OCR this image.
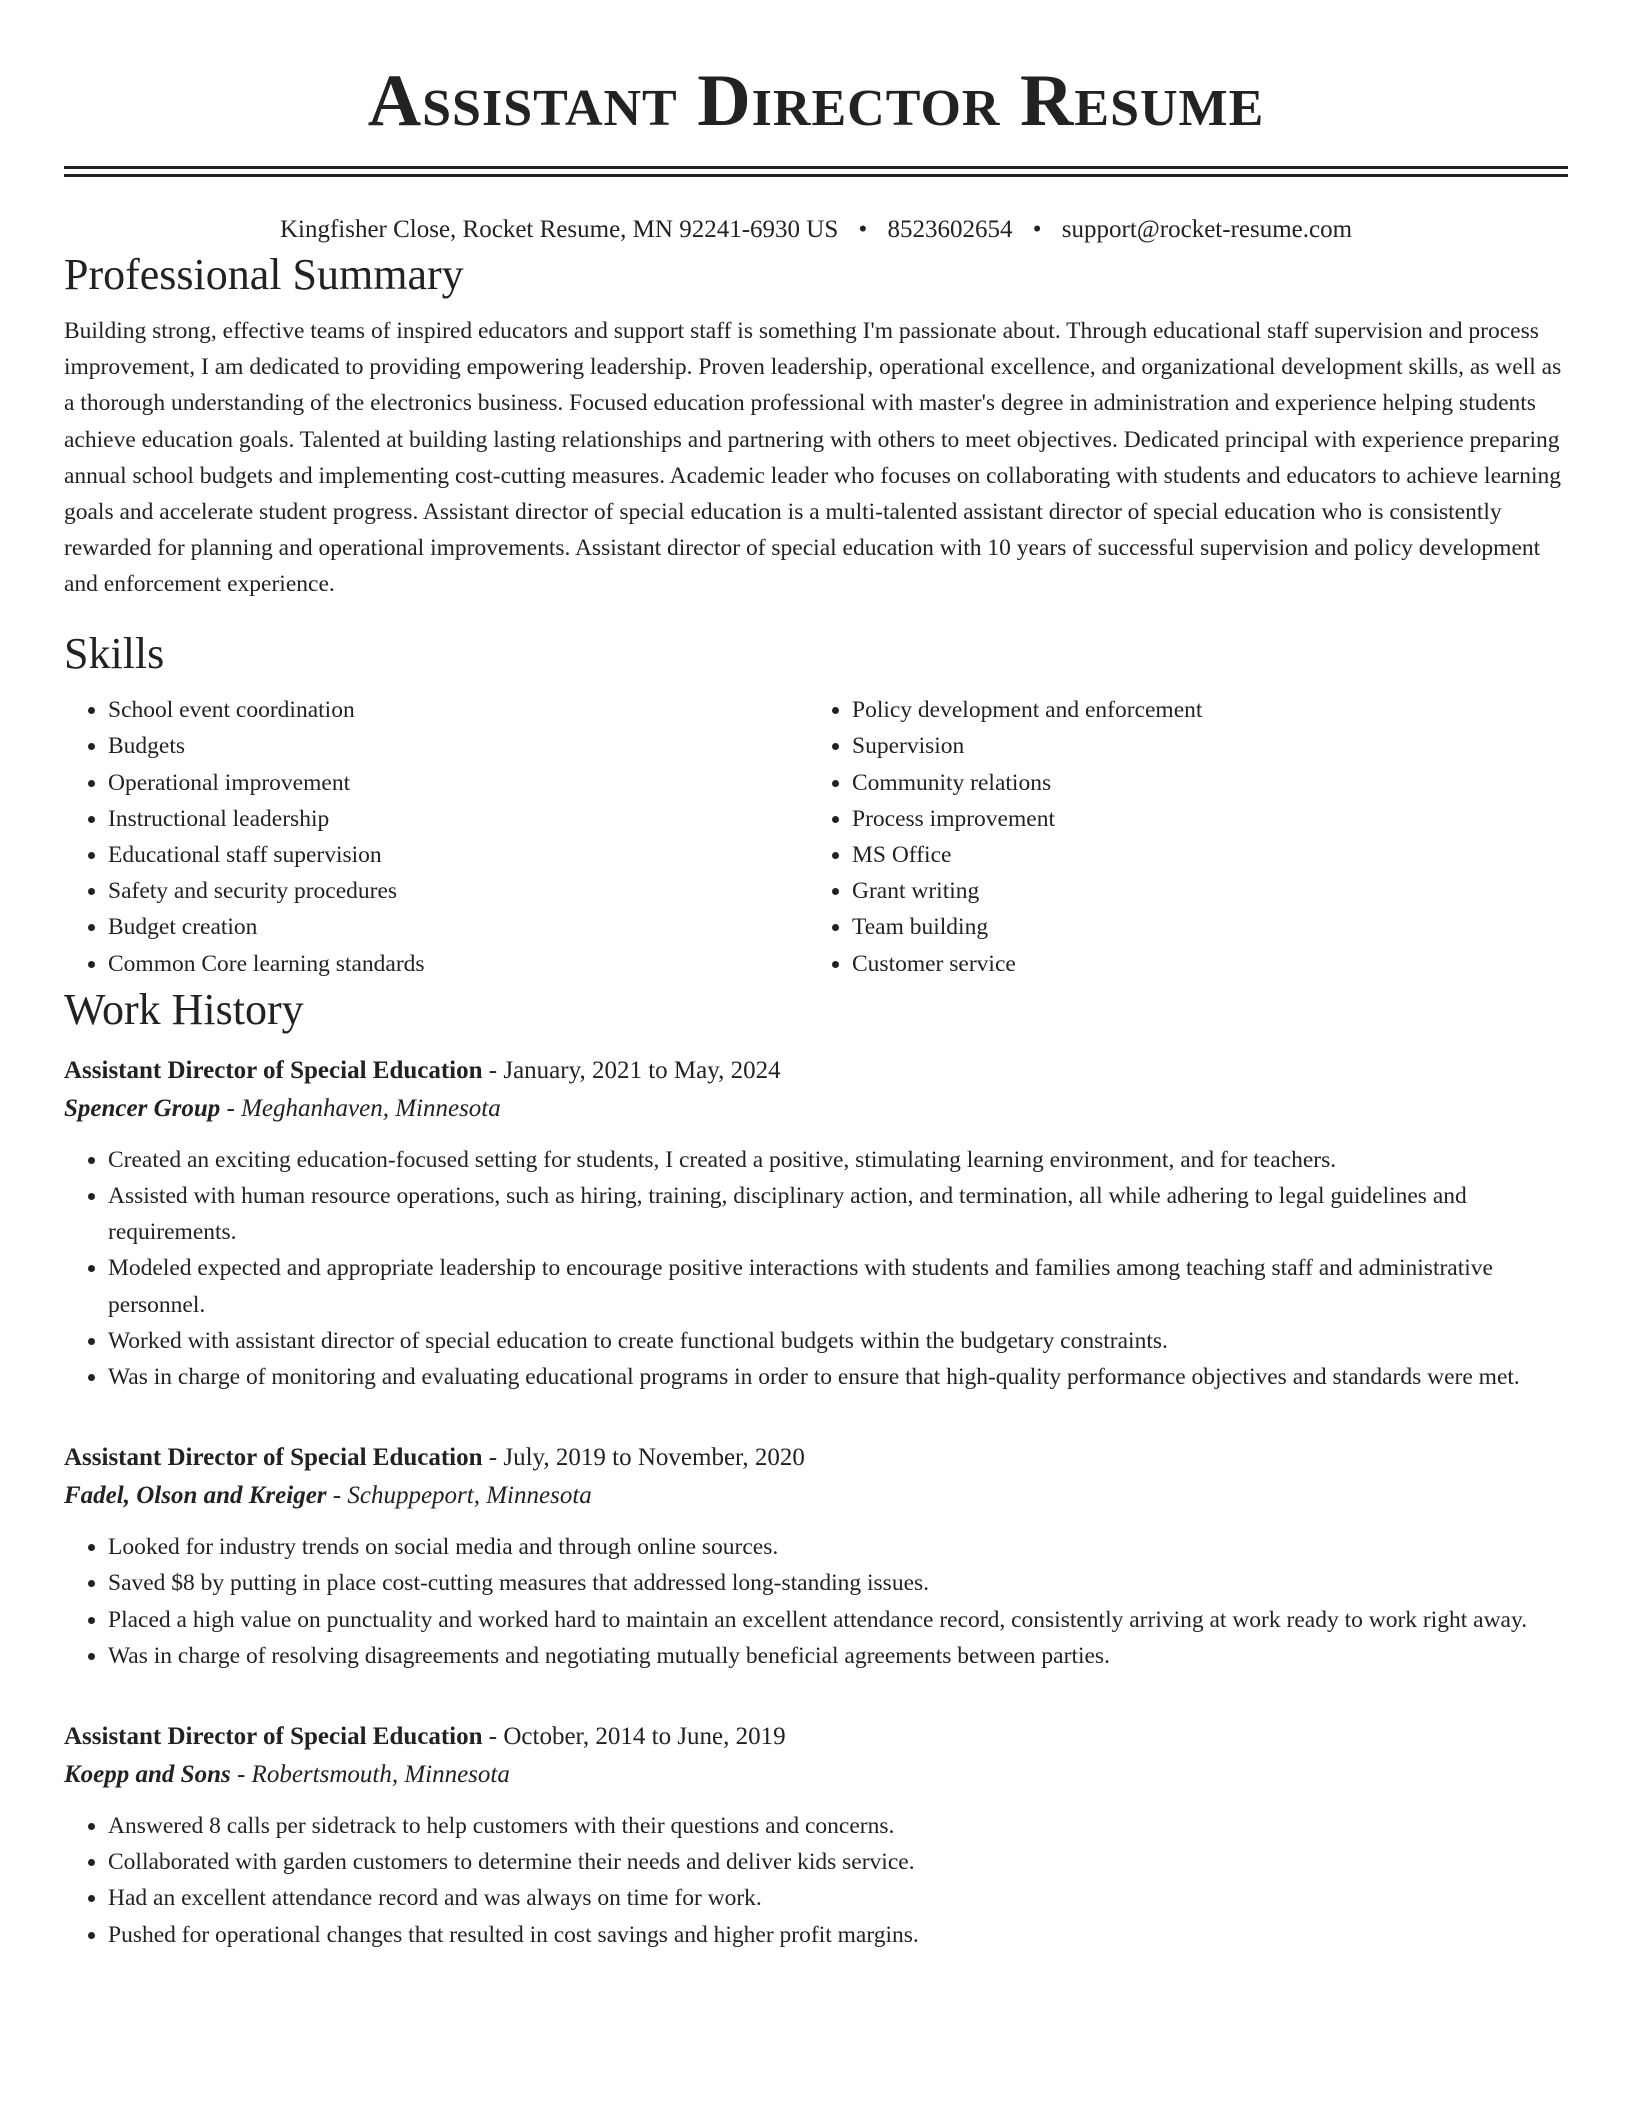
Assistant Director Resume
Kingfisher Close, Rocket Resume, MN 92241-6930 US • 8523602654 • support@rocket-resume.com
Professional Summary

Building strong, effective teams of inspired educators and support staff is something I'm passionate about. Through educational staff supervision and process improvement, I am dedicated to providing empowering leadership. Proven leadership, operational excellence, and organizational development skills, as well as a thorough understanding of the electronics business. Focused education professional with master's degree in administration and experience helping students achieve education goals. Talented at building lasting relationships and partnering with others to meet objectives. Dedicated principal with experience preparing annual school budgets and implementing cost-cutting measures. Academic leader who focuses on collaborating with students and educators to achieve learning goals and accelerate student progress. Assistant director of special education is a multi-talented assistant director of special education who is consistently rewarded for planning and operational improvements. Assistant director of special education with 10 years of successful supervision and policy development and enforcement experience.

Skills
• School event coordination
• Budgets
• Operational improvement
• Instructional leadership
• Educational staff supervision
• Safety and security procedures
• Budget creation
• Common Core learning standards
• Policy development and enforcement
• Supervision
• Community relations
• Process improvement
• MS Office
• Grant writing
• Team building
• Customer service
Work History
Assistant Director of Special Education - January, 2021 to May, 2024
Spencer Group - Meghanhaven, Minnesota
• Created an exciting education-focused setting for students, I created a positive, stimulating learning environment, and for teachers.
• Assisted with human resource operations, such as hiring, training, disciplinary action, and termination, all while adhering to legal guidelines and requirements.
• Modeled expected and appropriate leadership to encourage positive interactions with students and families among teaching staff and administrative personnel.
• Worked with assistant director of special education to create functional budgets within the budgetary constraints.
• Was in charge of monitoring and evaluating educational programs in order to ensure that high-quality performance objectives and standards were met.
Assistant Director of Special Education - July, 2019 to November, 2020
Fadel, Olson and Kreiger - Schuppeport, Minnesota
• Looked for industry trends on social media and through online sources.
• Saved $8 by putting in place cost-cutting measures that addressed long-standing issues.
• Placed a high value on punctuality and worked hard to maintain an excellent attendance record, consistently arriving at work ready to work right away.
• Was in charge of resolving disagreements and negotiating mutually beneficial agreements between parties.
Assistant Director of Special Education - October, 2014 to June, 2019
Koepp and Sons - Robertsmouth, Minnesota
• Answered 8 calls per sidetrack to help customers with their questions and concerns.
• Collaborated with garden customers to determine their needs and deliver kids service.
• Had an excellent attendance record and was always on time for work.
• Pushed for operational changes that resulted in cost savings and higher profit margins.
